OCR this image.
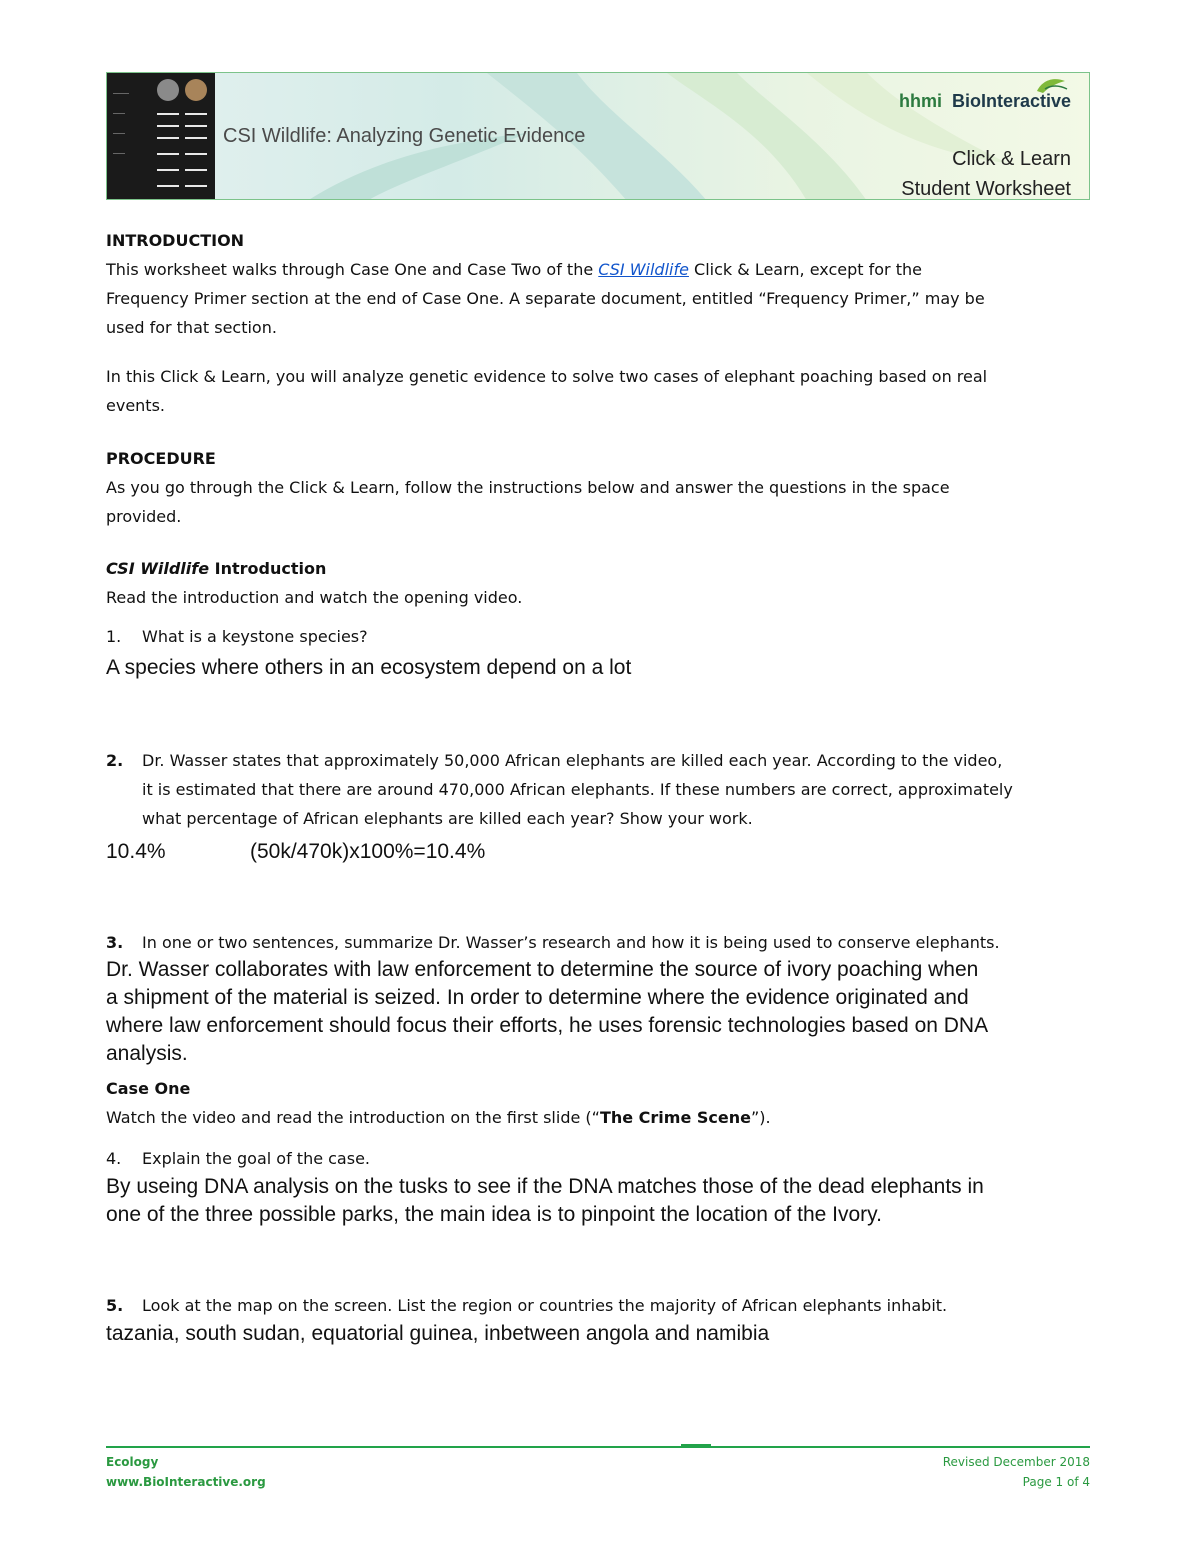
CSI Wildlife: Analyzing Genetic Evidence
hhmi BioInteractive
Click & Learn
Student Worksheet
INTRODUCTION
This worksheet walks through Case One and Case Two of the CSI Wildlife Click & Learn, except for the
Frequency Primer section at the end of Case One. A separate document, entitled “Frequency Primer,” may be
used for that section.
In this Click & Learn, you will analyze genetic evidence to solve two cases of elephant poaching based on real
events.
PROCEDURE
As you go through the Click & Learn, follow the instructions below and answer the questions in the space
provided.
CSI Wildlife Introduction
Read the introduction and watch the opening video.
1. What is a keystone species?
A species where others in an ecosystem depend on a lot
2. Dr. Wasser states that approximately 50,000 African elephants are killed each year. According to the video,
it is estimated that there are around 470,000 African elephants. If these numbers are correct, approximately
what percentage of African elephants are killed each year? Show your work.
10.4%	(50k/470k)x100%=10.4%
3. In one or two sentences, summarize Dr. Wasser’s research and how it is being used to conserve elephants.
Dr. Wasser collaborates with law enforcement to determine the source of ivory poaching when
a shipment of the material is seized. In order to determine where the evidence originated and
where law enforcement should focus their efforts, he uses forensic technologies based on DNA
analysis.
Case One
Watch the video and read the introduction on the first slide (“The Crime Scene”).
4. Explain the goal of the case.
By useing DNA analysis on the tusks to see if the DNA matches those of the dead elephants in
one of the three possible parks, the main idea is to pinpoint the location of the Ivory.
5. Look at the map on the screen. List the region or countries the majority of African elephants inhabit.
tazania, south sudan, equatorial guinea, inbetween angola and namibia
Ecology
www.BioInteractive.org
Revised December 2018
Page 1 of 4
